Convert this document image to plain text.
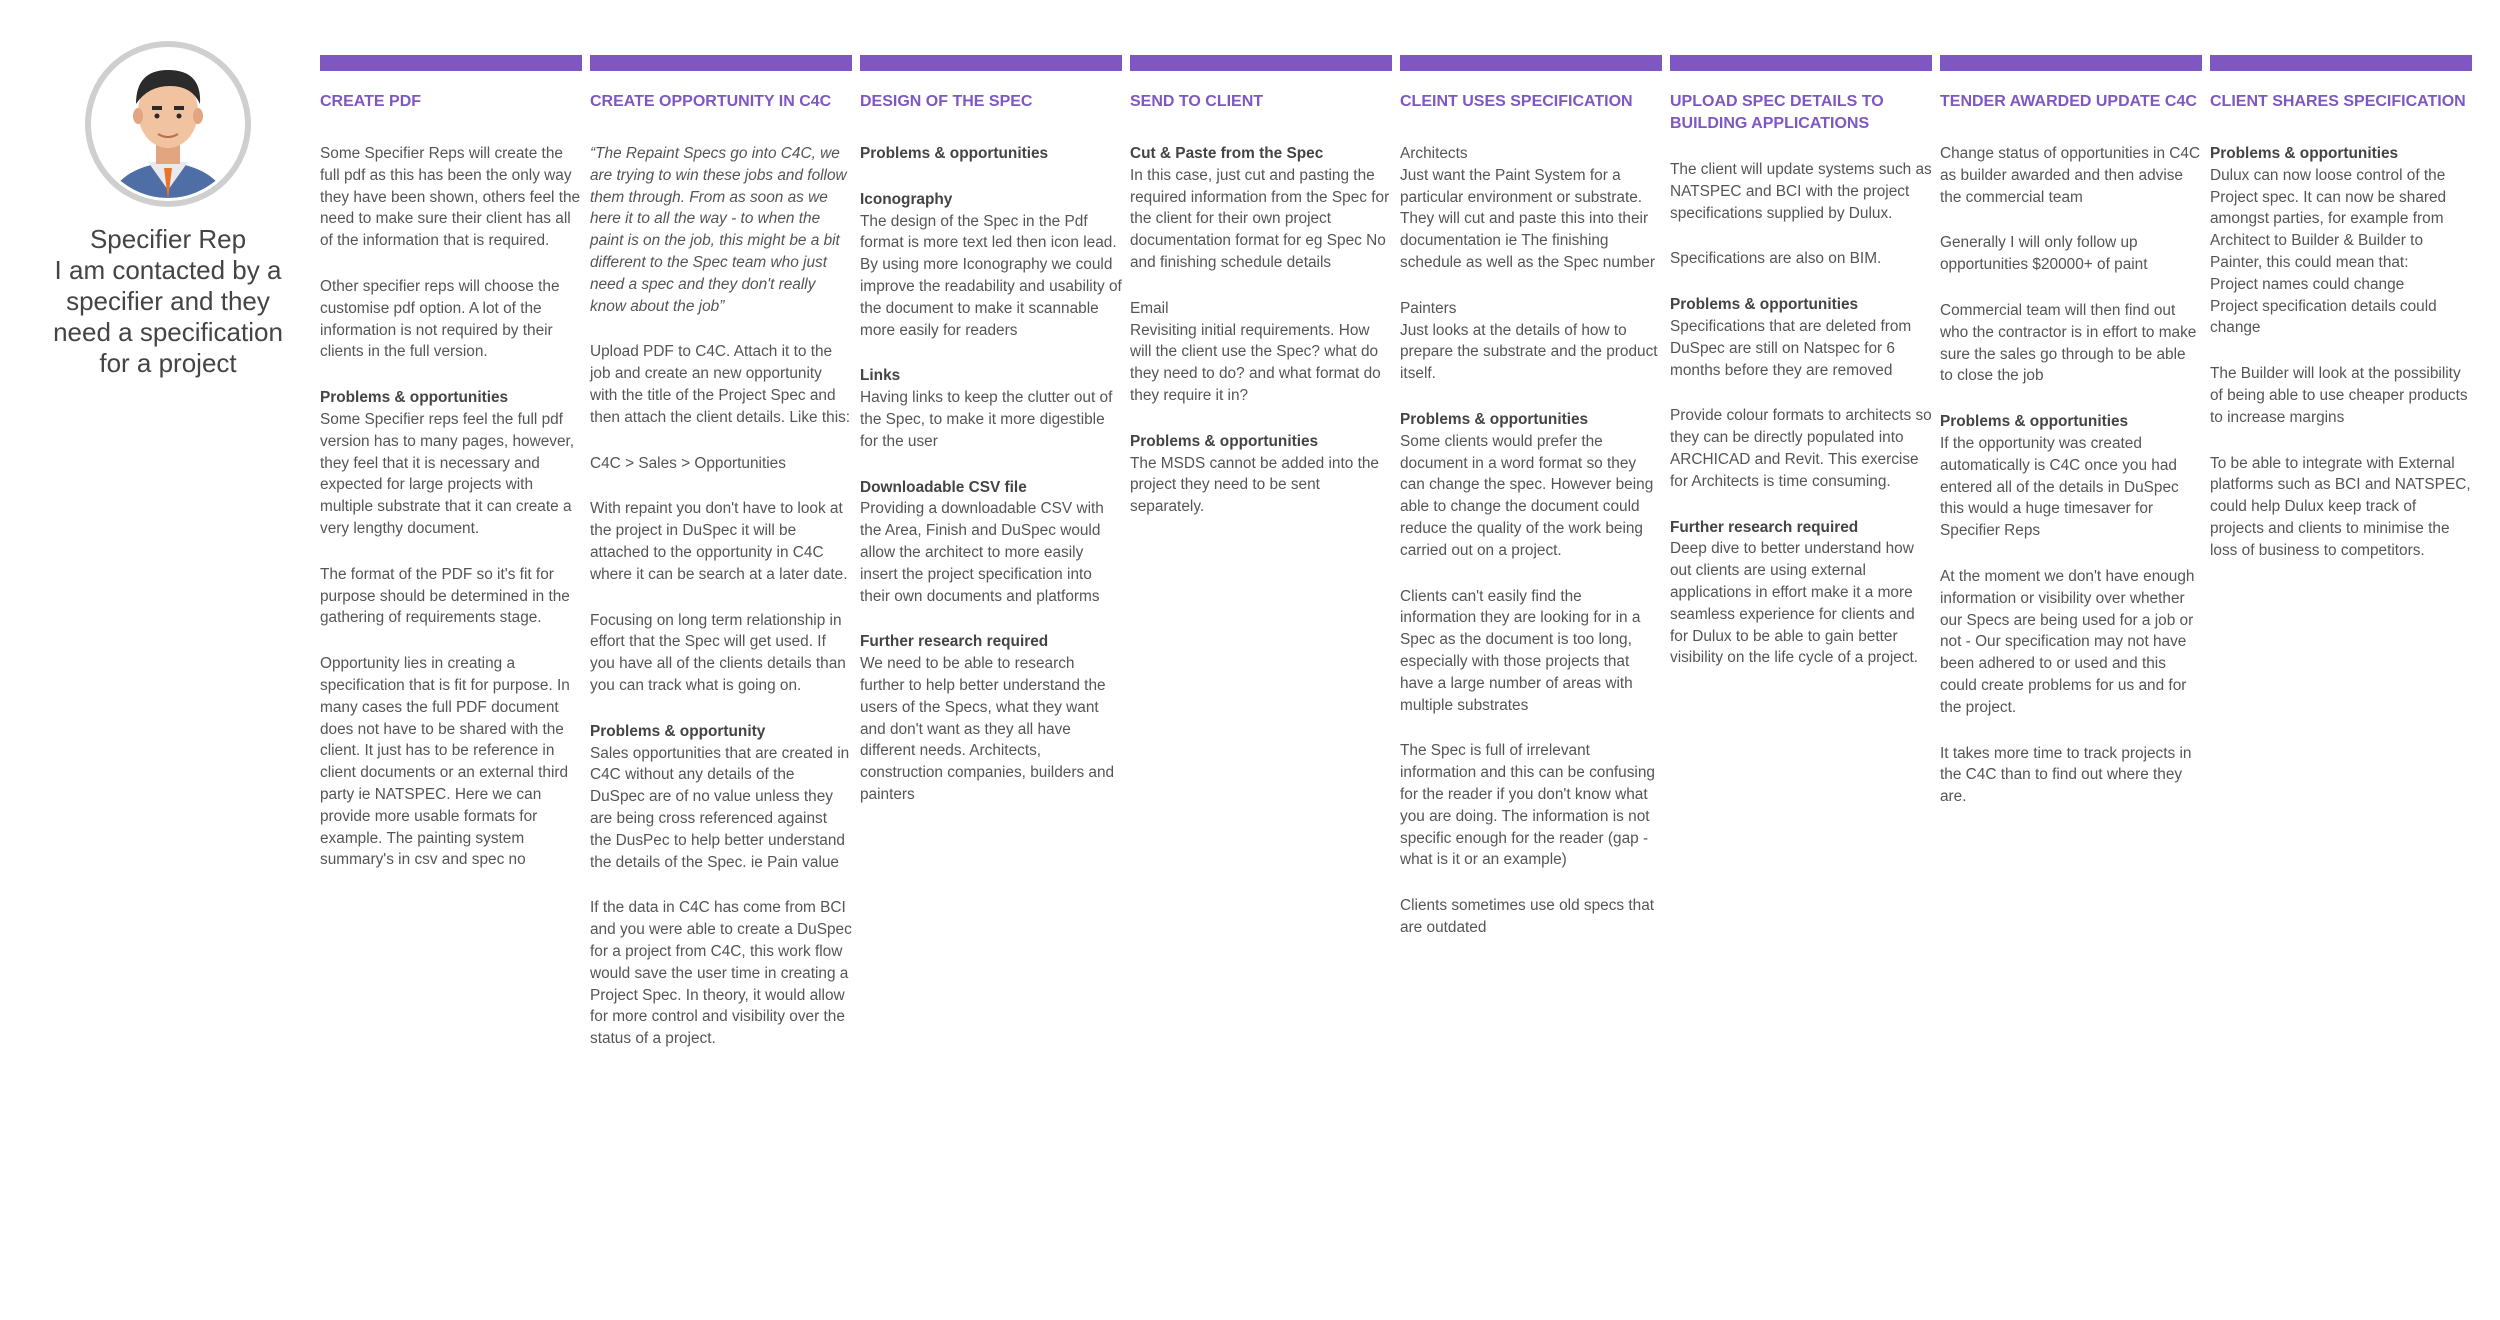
Specifier Rep
I am contacted by a specifier and they need a specification for a project
CREATE PDF

Some Specifier Reps will create the full pdf as this has been the only way they have been shown, others feel the need to make sure their client has all of the information that is required.

Other specifier reps will choose the customise pdf option. A lot of the information is not required by their clients in the full version.

Problems & opportunities
Some Specifier reps feel the full pdf version has to many pages, however, they feel that it is necessary and expected for large projects with multiple substrate that it can create a very lengthy document.

The format of the PDF so it's fit for purpose should be determined in the gathering of requirements stage.

Opportunity lies in creating a specification that is fit for purpose. In many cases the full PDF document does not have to be shared with the client. It just has to be reference in client documents or an external third party ie NATSPEC. Here we can provide more usable formats for example. The painting system summary's in csv and spec no

CREATE OPPORTUNITY IN C4C

“The Repaint Specs go into C4C, we are trying to win these jobs and follow them through. From as soon as we here it to all the way - to when the paint is on the job, this might be a bit different to the Spec team who just need a spec and they don't really know about the job”

Upload PDF to C4C. Attach it to the job and create an new opportunity with the title of the Project Spec and then attach the client details. Like this:

C4C > Sales > Opportunities

With repaint you don't have to look at the project in DuSpec it will be attached to the opportunity in C4C where it can be search at a later date.

Focusing on long term relationship in effort that the Spec will get used. If you have all of the clients details than you can track what is going on.

Problems & opportunity
Sales opportunities that are created in C4C without any details of the DuSpec are of no value unless they are being cross referenced against the DusPec to help better understand the details of the Spec. ie Pain value

If the data in C4C has come from BCI and you were able to create a DuSpec for a project from C4C, this work flow would save the user time in creating a Project Spec. In theory, it would allow for more control and visibility over the status of a project.

DESIGN OF THE SPEC

Problems & opportunities

Iconography
The design of the Spec in the Pdf format is more text led then icon lead. By using more Iconography we could improve the readability and usability of the document to make it scannable more easily for readers

Links
Having links to keep the clutter out of the Spec, to make it more digestible for the user

Downloadable CSV file
Providing a downloadable CSV with the Area, Finish and DuSpec would allow the architect to more easily insert the project specification into their own documents and platforms

Further research required
We need to be able to research further to help better understand the users of the Specs, what they want and don't want as they all have different needs. Architects, construction companies, builders and painters

SEND TO CLIENT

Cut & Paste from the Spec
In this case, just cut and pasting the required information from the Spec for the client for their own project documentation format for eg Spec No and finishing schedule details

Email
Revisiting initial requirements. How will the client use the Spec? what do they need to do? and what format do they require it in?

Problems & opportunities
The MSDS cannot be added into the project they need to be sent separately.

CLEINT USES SPECIFICATION

Architects
Just want the Paint System for a particular environment or substrate. They will cut and paste this into their documentation ie The finishing schedule as well as the Spec number

Painters
Just looks at the details of how to prepare the substrate and the product itself.

Problems & opportunities
Some clients would prefer the document in a word format so they can change the spec. However being able to change the document could reduce the quality of the work being carried out on a project.

Clients can't easily find the information they are looking for in a Spec as the document is too long, especially with those projects that have a large number of areas with multiple substrates

The Spec is full of irrelevant information and this can be confusing for the reader if you don't know what you are doing. The information is not specific enough for the reader (gap - what is it or an example)

Clients sometimes use old specs that are outdated

UPLOAD SPEC DETAILS TO BUILDING APPLICATIONS

The client will update systems such as NATSPEC and BCI with the project specifications supplied by Dulux.

Specifications are also on BIM.

Problems & opportunities
Specifications that are deleted from DuSpec are still on Natspec for 6 months before they are removed

Provide colour formats to architects so they can be directly populated into ARCHICAD and Revit. This exercise for Architects is time consuming.

Further research required
Deep dive to better understand how out clients are using external applications in effort make it a more seamless experience for clients and for Dulux to be able to gain better visibility on the life cycle of a project.

TENDER AWARDED UPDATE C4C

Change status of opportunities in C4C as builder awarded and then advise the commercial team

Generally I will only follow up opportunities $20000+ of paint

Commercial team will then find out who the contractor is in effort to make sure the sales go through to be able to close the job

Problems & opportunities
If the opportunity was created automatically is C4C once you had entered all of the details in DuSpec this would a huge timesaver for Specifier Reps

At the moment we don't have enough information or visibility over whether our Specs are being used for a job or not - Our specification may not have been adhered to or used and this could create problems for us and for the project.

It takes more time to track projects in the C4C than to find out where they are.

CLIENT SHARES SPECIFICATION

Problems & opportunities
Dulux can now loose control of the Project spec. It can now be shared amongst parties, for example from Architect to Builder & Builder to Painter, this could mean that:

Project names could change

Project specification details could change

The Builder will look at the possibility of being able to use cheaper products to increase margins

To be able to integrate with External platforms such as BCI and NATSPEC, could help Dulux keep track of projects and clients to minimise the loss of business to competitors.
